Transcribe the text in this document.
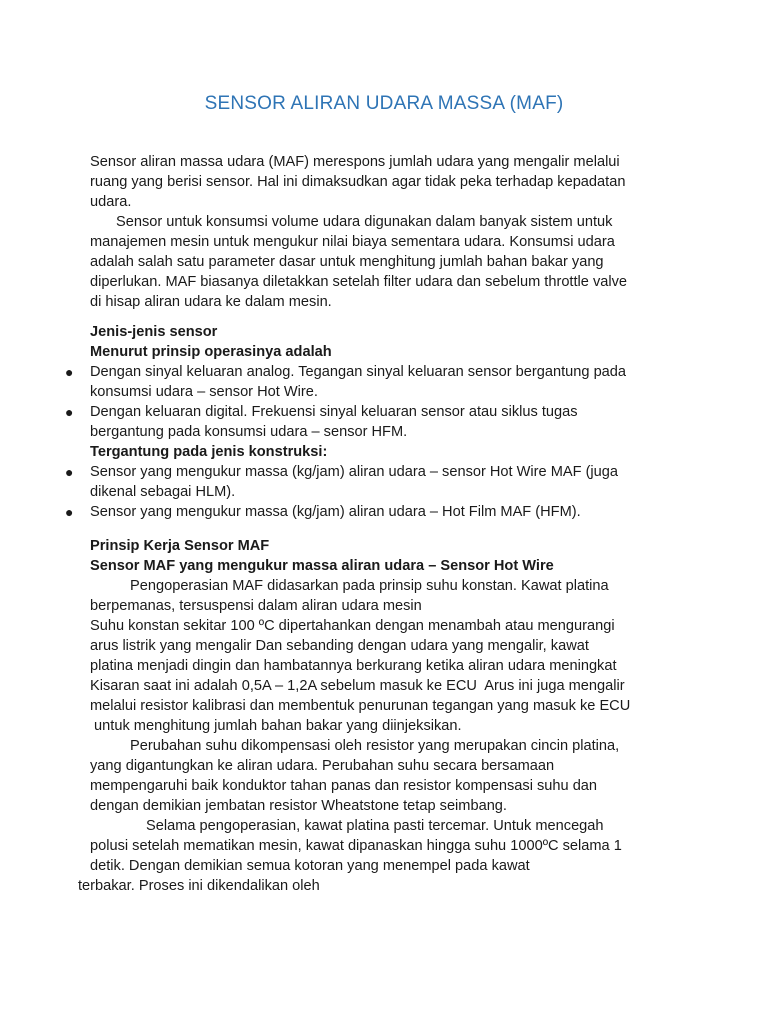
SENSOR ALIRAN UDARA MASSA (MAF)
Sensor aliran massa udara (MAF) merespons jumlah udara yang mengalir melalui
ruang yang berisi sensor. Hal ini dimaksudkan agar tidak peka terhadap kepadatan
udara.
Sensor untuk konsumsi volume udara digunakan dalam banyak sistem untuk
manajemen mesin untuk mengukur nilai biaya sementara udara. Konsumsi udara
adalah salah satu parameter dasar untuk menghitung jumlah bahan bakar yang
diperlukan. MAF biasanya diletakkan setelah filter udara dan sebelum throttle valve
di hisap aliran udara ke dalam mesin.
Jenis-jenis sensor
Menurut prinsip operasinya adalah
● Dengan sinyal keluaran analog. Tegangan sinyal keluaran sensor bergantung pada
konsumsi udara – sensor Hot Wire.
● Dengan keluaran digital. Frekuensi sinyal keluaran sensor atau siklus tugas
bergantung pada konsumsi udara – sensor HFM.
Tergantung pada jenis konstruksi:
● Sensor yang mengukur massa (kg/jam) aliran udara – sensor Hot Wire MAF (juga
dikenal sebagai HLM).
● Sensor yang mengukur massa (kg/jam) aliran udara – Hot Film MAF (HFM).
Prinsip Kerja Sensor MAF
Sensor MAF yang mengukur massa aliran udara – Sensor Hot Wire
Pengoperasian MAF didasarkan pada prinsip suhu konstan. Kawat platina
berpemanas, tersuspensi dalam aliran udara mesin
Suhu konstan sekitar 100 ºC dipertahankan dengan menambah atau mengurangi
arus listrik yang mengalir Dan sebanding dengan udara yang mengalir, kawat
platina menjadi dingin dan hambatannya berkurang ketika aliran udara meningkat
Kisaran saat ini adalah 0,5A – 1,2A sebelum masuk ke ECU  Arus ini juga mengalir
melalui resistor kalibrasi dan membentuk penurunan tegangan yang masuk ke ECU
untuk menghitung jumlah bahan bakar yang diinjeksikan.
Perubahan suhu dikompensasi oleh resistor yang merupakan cincin platina,
yang digantungkan ke aliran udara. Perubahan suhu secara bersamaan
mempengaruhi baik konduktor tahan panas dan resistor kompensasi suhu dan
dengan demikian jembatan resistor Wheatstone tetap seimbang.
Selama pengoperasian, kawat platina pasti tercemar. Untuk mencegah
polusi setelah mematikan mesin, kawat dipanaskan hingga suhu 1000ºC selama 1
detik. Dengan demikian semua kotoran yang menempel pada kawat
terbakar. Proses ini dikendalikan oleh
